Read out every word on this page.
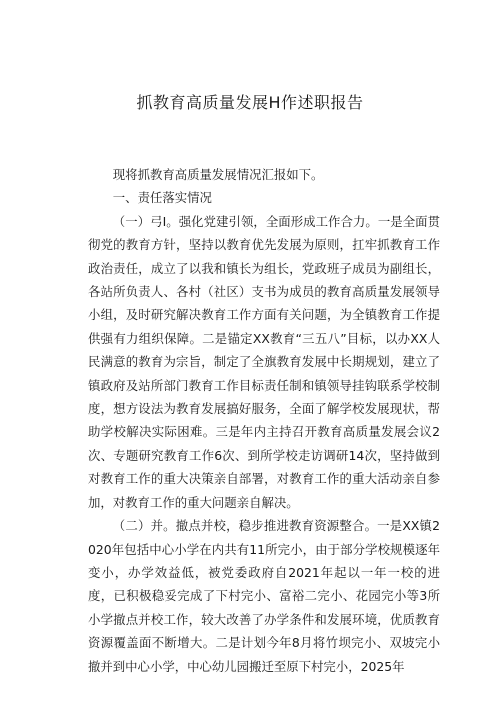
抓教育高质量发展H作述职报告

现将抓教育高质量发展情况汇报如下。

一、责任落实情况

（一）弓I。强化党建引领，全面形成工作合力。一是全面贯彻党的教育方针，坚持以教育优先发展为原则，扛牢抓教育工作政治责任，成立了以我和镇长为组长，党政班子成员为副组长，各站所负责人、各村（社区）支书为成员的教育高质量发展领导小组，及时研究解决教育工作方面有关问题，为全镇教育工作提供强有力组织保障。二是锚定XX教育“三五八”目标，以办XX人民满意的教育为宗旨，制定了全旗教育发展中长期规划，建立了镇政府及站所部门教育工作目标责任制和镇领导挂钩联系学校制度，想方设法为教育发展搞好服务，全面了解学校发展现状，帮助学校解决实际困难。三是年内主持召开教育高质量发展会议2次、专题研究教育工作6次、到所学校走访调研14次，坚持做到对教育工作的重大决策亲自部署，对教育工作的重大活动亲自参加，对教育工作的重大问题亲自解决。

（二）并。撤点并校，稳步推进教育资源整合。一是XX镇2020年包括中心小学在内共有11所完小，由于部分学校规模逐年变小，办学效益低，被党委政府自2021年起以一年一校的进度，已积极稳妥完成了下村完小、富裕二完小、花园完小等3所小学撤点并校工作，较大改善了办学条件和发展环境，优质教育资源覆盖面不断增大。二是计划今年8月将竹坝完小、双坡完小撤并到中心小学，中心幼儿园搬迁至原下村完小，2025年
